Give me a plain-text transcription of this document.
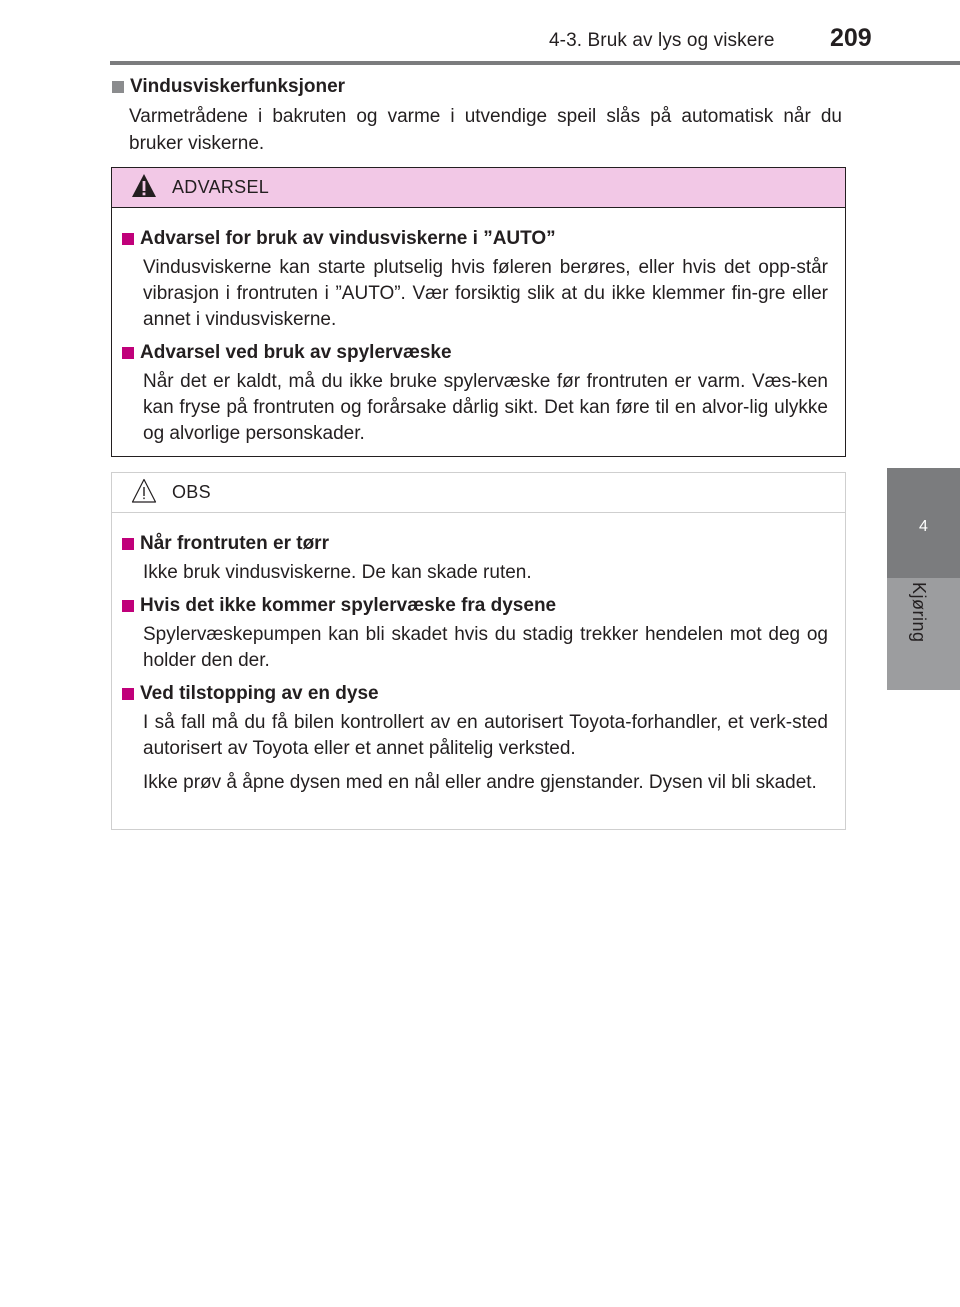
4-3. Bruk av lys og viskere 209
4
Kjøring
Vindusviskerfunksjoner
Varmetrådene i bakruten og varme i utvendige speil slås på automatisk når du bruker viskerne.
ADVARSEL
Advarsel for bruk av vindusviskerne i ”AUTO”
Vindusviskerne kan starte plutselig hvis føleren berøres, eller hvis det opp-står vibrasjon i frontruten i ”AUTO”. Vær forsiktig slik at du ikke klemmer fin-gre eller annet i vindusviskerne.
Advarsel ved bruk av spylervæske
Når det er kaldt, må du ikke bruke spylervæske før frontruten er varm. Væs-ken kan fryse på frontruten og forårsake dårlig sikt. Det kan føre til en alvor-lig ulykke og alvorlige personskader.
OBS
Når frontruten er tørr
Ikke bruk vindusviskerne. De kan skade ruten.
Hvis det ikke kommer spylervæske fra dysene
Spylervæskepumpen kan bli skadet hvis du stadig trekker hendelen mot deg og holder den der.
Ved tilstopping av en dyse
I så fall må du få bilen kontrollert av en autorisert Toyota-forhandler, et verk-sted autorisert av Toyota eller et annet pålitelig verksted.
Ikke prøv å åpne dysen med en nål eller andre gjenstander. Dysen vil bli skadet.
